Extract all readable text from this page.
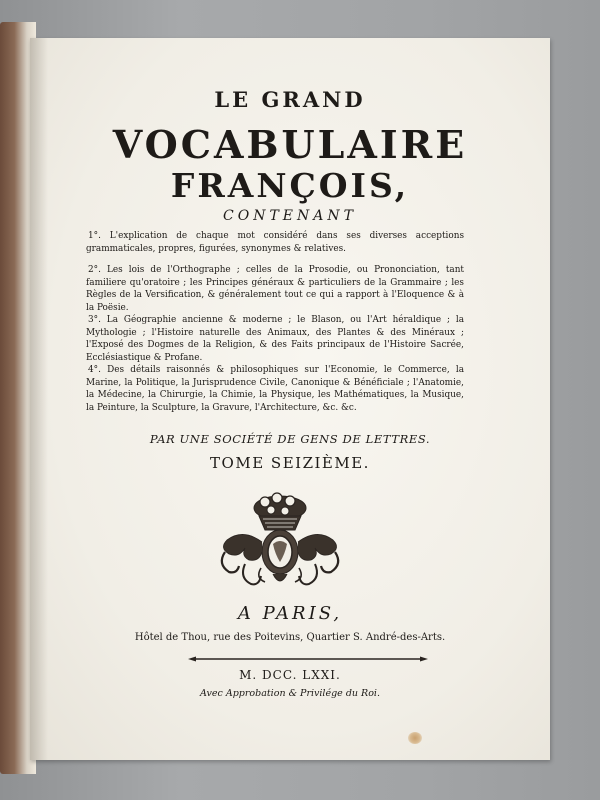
LE GRAND

VOCABULAIRE

FRANÇOIS,

CONTENANT

1°. L'explication de chaque mot considéré dans ses diverses acceptions grammaticales, propres, figurées, synonymes & relatives.

2°. Les lois de l'Orthographe ; celles de la Prosodie, ou Prononciation, tant familiere qu'oratoire ; les Principes généraux & particuliers de la Grammaire ; les Règles de la Versification, & généralement tout ce qui a rapport à l'Eloquence & à la Poësie.

3°. La Géographie ancienne & moderne ; le Blason, ou l'Art héraldique ; la Mythologie ; l'Histoire naturelle des Animaux, des Plantes & des Minéraux ; l'Exposé des Dogmes de la Religion, & des Faits principaux de l'Histoire Sacrée, Ecclésiastique & Profane.

4°. Des détails raisonnés & philosophiques sur l'Economie, le Commerce, la Marine, la Politique, la Jurisprudence Civile, Canonique & Bénéficiale ; l'Anatomie, la Médecine, la Chirurgie, la Chimie, la Physique, les Mathématiques, la Musique, la Peinture, la Sculpture, la Gravure, l'Architecture, &c. &c.

PAR UNE SOCIÉTÉ DE GENS DE LETTRES.

TOME SEIZIÈME.

A PARIS,

Hôtel de Thou, rue des Poitevins, Quartier S. André-des-Arts.

M. DCC. LXXI.

Avec Approbation & Privilége du Roi.
